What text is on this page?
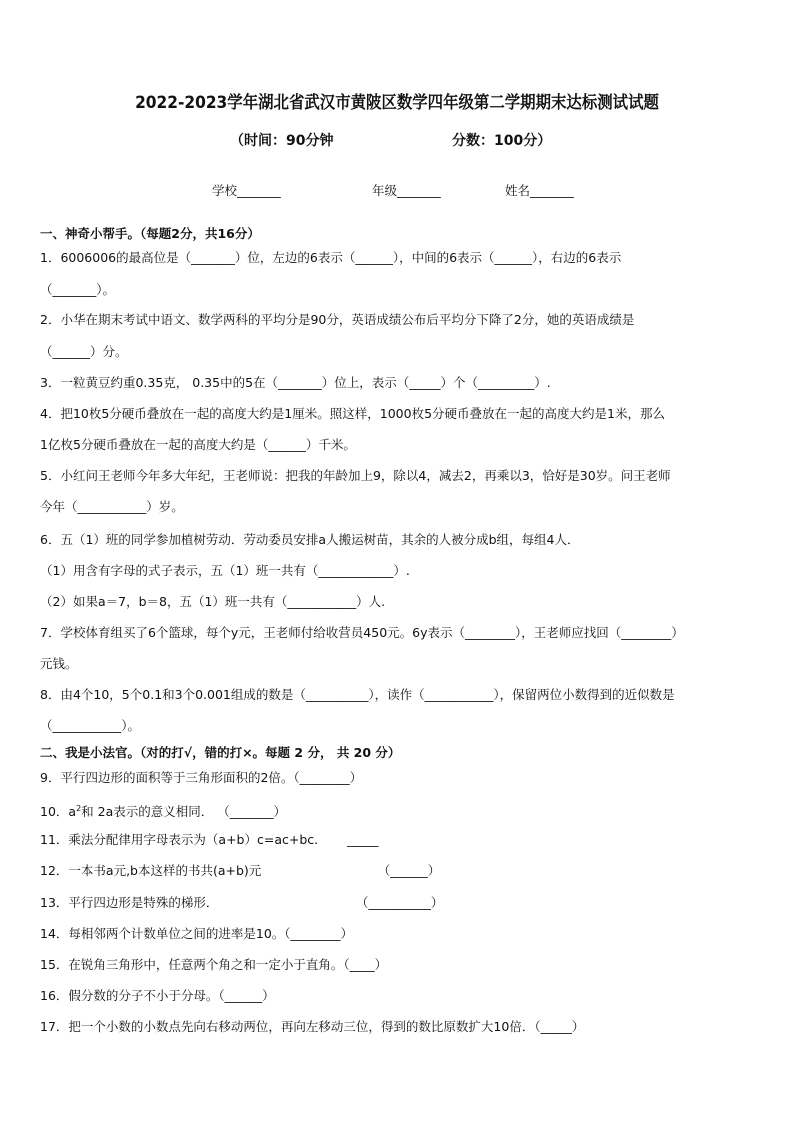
2022-2023学年湖北省武汉市黄陂区数学四年级第二学期期末达标测试试题
（时间：90分钟	分数：100分）
学校_______	年级_______	姓名_______
一、神奇小帮手。（每题2分，共16分）
1．6006006的最高位是（_______）位，左边的6表示（______），中间的6表示（______），右边的6表示
（_______）。
2．小华在期末考试中语文、数学两科的平均分是90分，英语成绩公布后平均分下降了2分，她的英语成绩是
（______）分。
3．一粒黄豆约重0.35克， 0.35中的5在（_______）位上，表示（_____）个（_________）.
4．把10枚5分硬币叠放在一起的高度大约是1厘米。照这样，1000枚5分硬币叠放在一起的高度大约是1米，那么
1亿枚5分硬币叠放在一起的高度大约是（______）千米。
5．小红问王老师今年多大年纪，王老师说：把我的年龄加上9，除以4，减去2，再乘以3，恰好是30岁。问王老师
今年（___________）岁。
6．五（1）班的同学参加植树劳动．劳动委员安排a人搬运树苗，其余的人被分成b组，每组4人．
（1）用含有字母的式子表示，五（1）班一共有（____________）.
（2）如果a＝7，b＝8，五（1）班一共有（___________）人.
7．学校体育组买了6个篮球，每个y元，王老师付给收营员450元。6y表示（________），王老师应找回（________）
元钱。
8．由4个10，5个0.1和3个0.001组成的数是（__________），读作（___________），保留两位小数得到的近似数是
（___________）。
二、我是小法官。（对的打√，错的打×。每题 2 分， 共 20 分）
9．平行四边形的面积等于三角形面积的2倍。（________）
10．$a^2$和 2a表示的意义相同． （_______）
11．乘法分配律用字母表示为（a+b）c=ac+bc.　　 _____
12．一本书a元,b本这样的书共(a+b)元　　　　　　　　　 （______）
13．平行四边形是特殊的梯形．　　　　　　　　　　　　（__________）
14．每相邻两个计数单位之间的进率是10。（________）
15．在锐角三角形中，任意两个角之和一定小于直角。（____）
16．假分数的分子不小于分母。（______）
17．把一个小数的小数点先向右移动两位，再向左移动三位，得到的数比原数扩大10倍．（_____）
